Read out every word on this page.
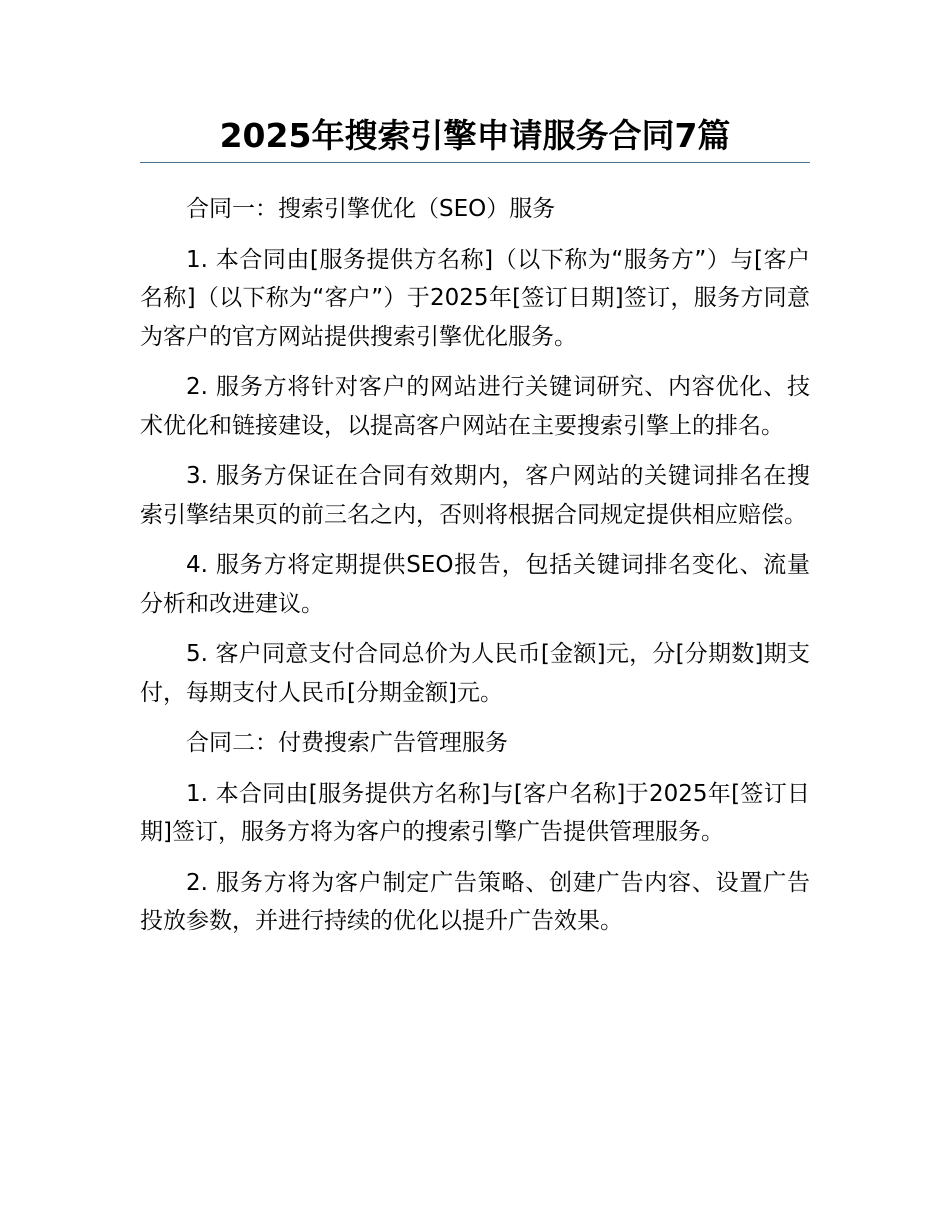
2025年搜索引擎申请服务合同7篇

合同一：搜索引擎优化（SEO）服务

1. 本合同由[服务提供方名称]（以下称为“服务方”）与[客户名称]（以下称为“客户”）于2025年[签订日期]签订，服务方同意为客户的官方网站提供搜索引擎优化服务。

2. 服务方将针对客户的网站进行关键词研究、内容优化、技术优化和链接建设，以提高客户网站在主要搜索引擎上的排名。

3. 服务方保证在合同有效期内，客户网站的关键词排名在搜索引擎结果页的前三名之内，否则将根据合同规定提供相应赔偿。

4. 服务方将定期提供SEO报告，包括关键词排名变化、流量分析和改进建议。

5. 客户同意支付合同总价为人民币[金额]元，分[分期数]期支付，每期支付人民币[分期金额]元。

合同二：付费搜索广告管理服务

1. 本合同由[服务提供方名称]与[客户名称]于2025年[签订日期]签订，服务方将为客户的搜索引擎广告提供管理服务。

2. 服务方将为客户制定广告策略、创建广告内容、设置广告投放参数，并进行持续的优化以提升广告效果。
